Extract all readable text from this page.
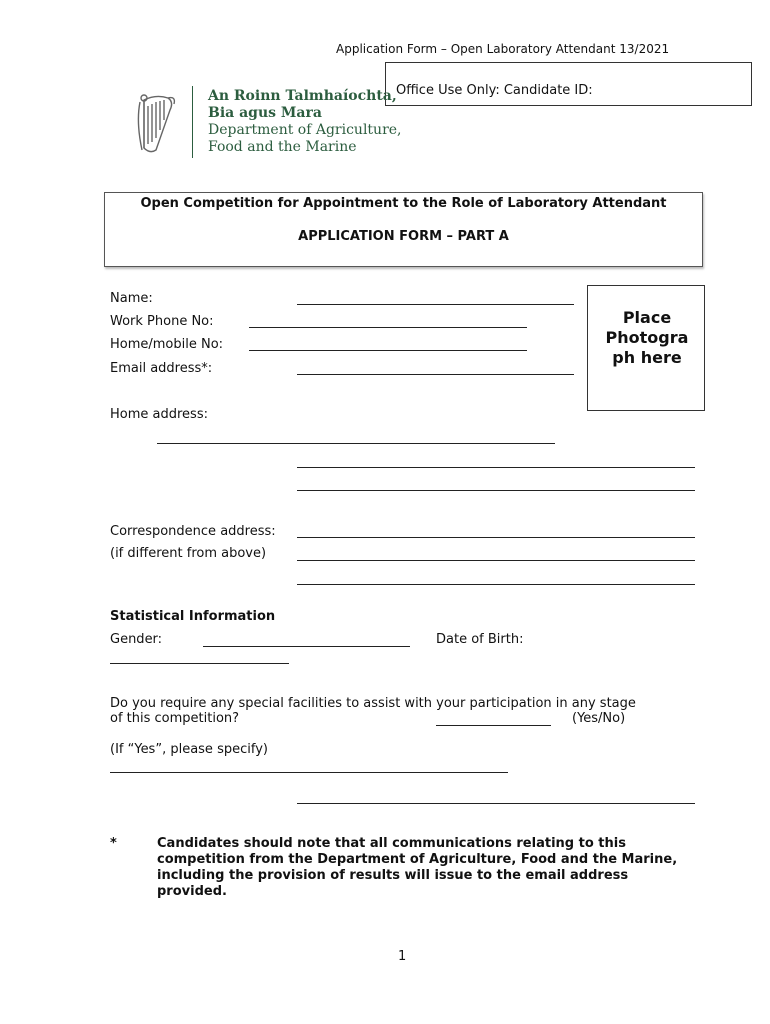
Application Form – Open Laboratory Attendant 13/2021
Office Use Only: Candidate ID:
An Roinn Talmhaíochta,
Bia agus Mara
Department of Agriculture,
Food and the Marine
Open Competition for Appointment to the Role of Laboratory Attendant
APPLICATION FORM – PART A
Place Photogra ph here
Name:
Work Phone No:
Home/mobile No:
Email address*:
Home address:
Correspondence address:
(if different from above)
Statistical Information
Gender:	Date of Birth:
Do you require any special facilities to assist with your participation in any stage
of this competition?	(Yes/No)
(If “Yes”, please specify)
*	Candidates should note that all communications relating to this competition from the Department of Agriculture, Food and the Marine, including the provision of results will issue to the email address provided.
1
